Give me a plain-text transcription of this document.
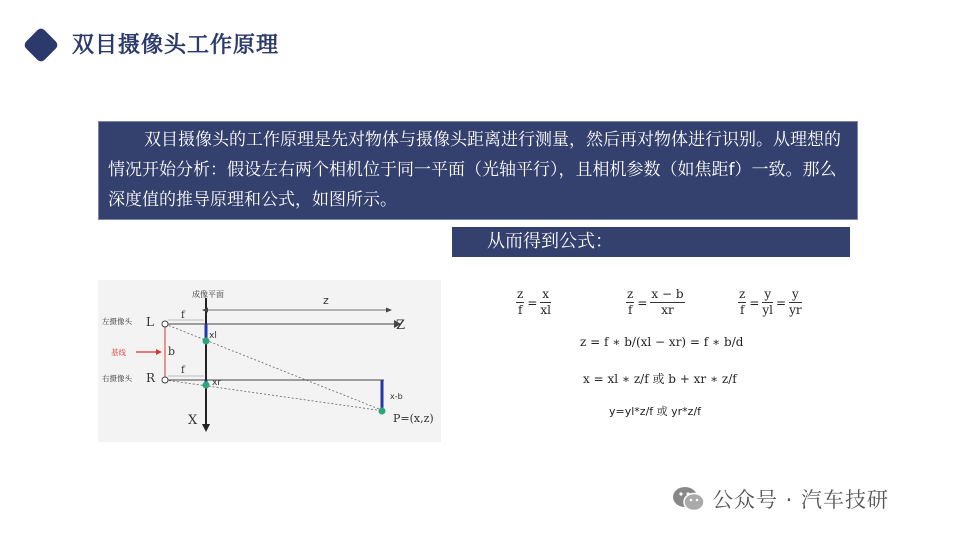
双目摄像头工作原理
双目摄像头的工作原理是先对物体与摄像头距离进行测量，然后再对物体进行识别。从理想的情况开始分析：假设左右两个相机位于同一平面（光轴平行），且相机参数（如焦距f）一致。那么深度值的推导原理和公式，如图所示。
从而得到公式：
成像平面	z
左摄像头
右摄像头
基线
L
R
Z
X
f
f
b
xl
xr
x-b
P=(x,z)
$\frac{z}{f} = \frac{x}{xl}$	$\frac{z}{f} = \frac{x - b}{xr}$	$\frac{z}{f} = \frac{y}{yl} = \frac{y}{yr}$
z = f ∗ b/(xl − xr) = f ∗ b/d
x = xl ∗ z/f 或 b + xr ∗ z/f
y=yl*z/f 或 yr*z/f
公众号 · 汽车技研
